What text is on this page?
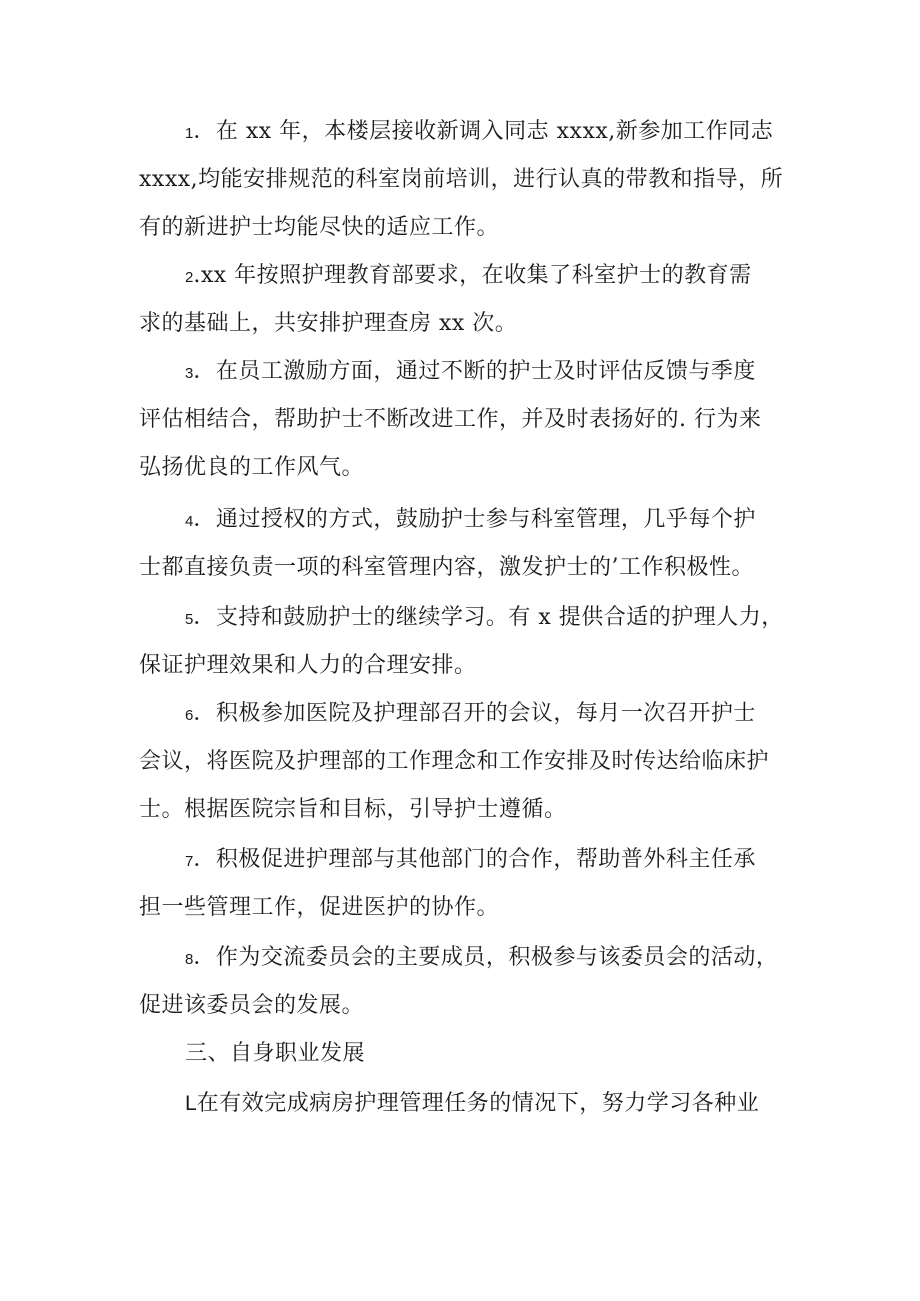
1．在 xx 年，本楼层接收新调入同志 xxxx,新参加工作同志
xxxx,均能安排规范的科室岗前培训，进行认真的带教和指导，所
有的新进护士均能尽快的适应工作。
2.xx 年按照护理教育部要求，在收集了科室护士的教育需
求的基础上，共安排护理查房 xx 次。
3．在员工激励方面，通过不断的护士及时评估反馈与季度
评估相结合，帮助护士不断改进工作，并及时表扬好的. 行为来
弘扬优良的工作风气。
4．通过授权的方式，鼓励护士参与科室管理，几乎每个护
士都直接负责一项的科室管理内容，激发护士的’工作积极性。
5．支持和鼓励护士的继续学习。有 x 提供合适的护理人力，
保证护理效果和人力的合理安排。
6．积极参加医院及护理部召开的会议，每月一次召开护士
会议，将医院及护理部的工作理念和工作安排及时传达给临床护
士。根据医院宗旨和目标，引导护士遵循。
7．积极促进护理部与其他部门的合作，帮助普外科主任承
担一些管理工作，促进医护的协作。
8．作为交流委员会的主要成员，积极参与该委员会的活动，
促进该委员会的发展。
三、自身职业发展
L在有效完成病房护理管理任务的情况下，努力学习各种业
